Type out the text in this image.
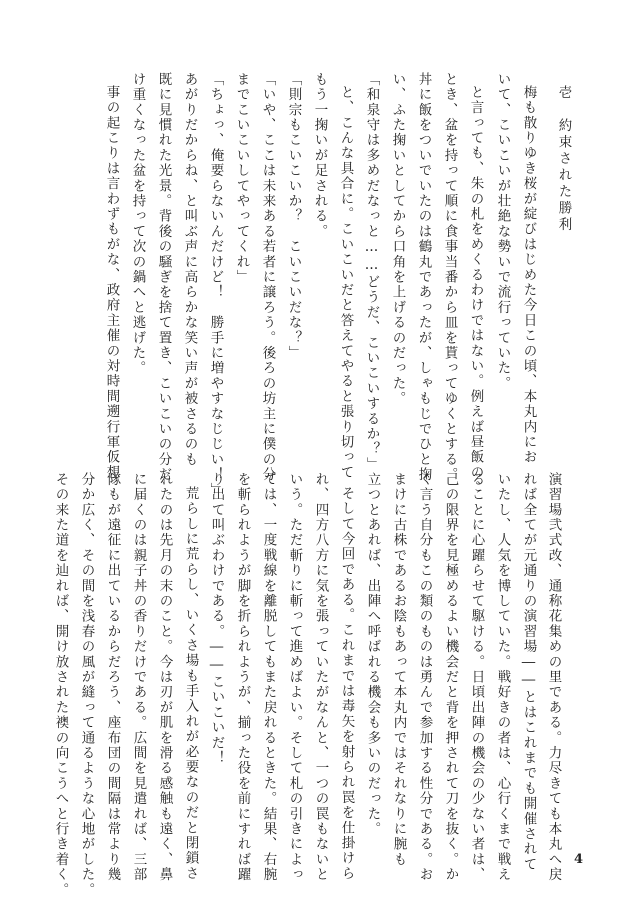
壱　約束された勝利
梅も散りゆき桜が綻びはじめた今日この頃、本丸内にお
いて、こいこいが壮絶な勢いで流行っていた。
と言っても、朱の札をめくるわけではない。例えば昼飯の
とき、盆を持って順に食事当番から皿を貰ってゆくとする。
丼に飯をついでいたのは鶴丸であったが、しゃもじでひと掬
い、ふた掬いとしてから口角を上げるのだった。
「和泉守は多めだなっと……どうだ、こいこいするか？」
と、こんな具合に。こいこいだと答えてやると張り切って
もう一掬いが足される。
「則宗もこいこいか？　こいこいだな？」
「いや、ここは未来ある若者に譲ろう。後ろの坊主に僕の分
までこいこいしてやってくれ」
「ちょっ、俺要らないんだけど！　勝手に増やすなじじい！」
あがりだからね、と叫ぶ声に高らかな笑い声が被さるのも
既に見慣れた光景。背後の騒ぎを捨て置き、こいこいの分だ
け重くなった盆を持って次の鍋へと逃げた。
事の起こりは言わずもがな、政府主催の対時間遡行軍仮想
演習場弐式改、通称花集めの里である。力尽きても本丸へ戻
れば全てが元通りの演習場――とはこれまでも開催されて
いたし、人気を博していた。戦好きの者は、心行くまで戦え
ることに心躍らせて駆ける。日頃出陣の機会の少ない者は、
己の限界を見極めるよい機会だと背を押されて刀を抜く。か
く言う自分もこの類のものは勇んで参加する性分である。お
まけに古株であるお陰もあって本丸内ではそれなりに腕も
立つとあれば、出陣へ呼ばれる機会も多いのだった。
そして今回である。これまでは毒矢を射られ罠を仕掛けら
れ、四方八方に気を張っていたがなんと、一つの罠もないと
いう。ただ斬りに斬って進めばよい。そして札の引きによっ
ては、一度戦線を離脱してもまた戻れるときた。結果、右腕
を斬られようが脚を折られようが、揃った役を前にすれば躍
り出て叫ぶわけである。――こいこいだ！
荒らしに荒らし、いくさ場も手入れが必要なのだと閉鎖さ
れたのは先月の末のこと。今は刃が肌を滑る感触も遠く、鼻
に届くのは親子丼の香りだけである。広間を見遣れば、三部
隊もが遠征に出ているからだろう、座布団の間隔は常より幾
分か広く、その間を浅春の風が縫って通るような心地がした。
その来た道を辿れば、開け放された襖の向こうへと行き着く。	4
